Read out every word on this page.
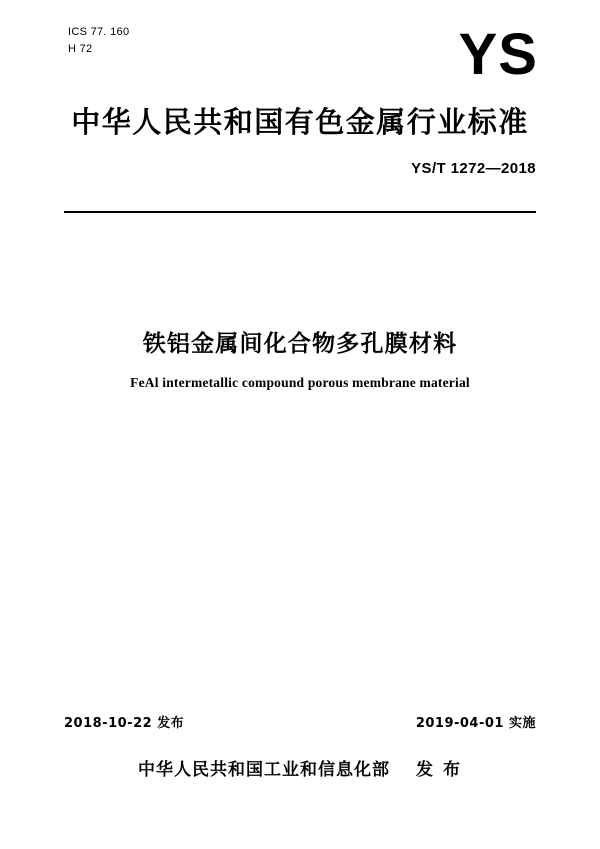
ICS 77. 160
H 72	YS
中华人民共和国有色金属行业标准
YS/T 1272—2018
铁铝金属间化合物多孔膜材料
FeAl intermetallic compound porous membrane material
2018-10-22 发布	2019-04-01 实施
中华人民共和国工业和信息化部 发 布
